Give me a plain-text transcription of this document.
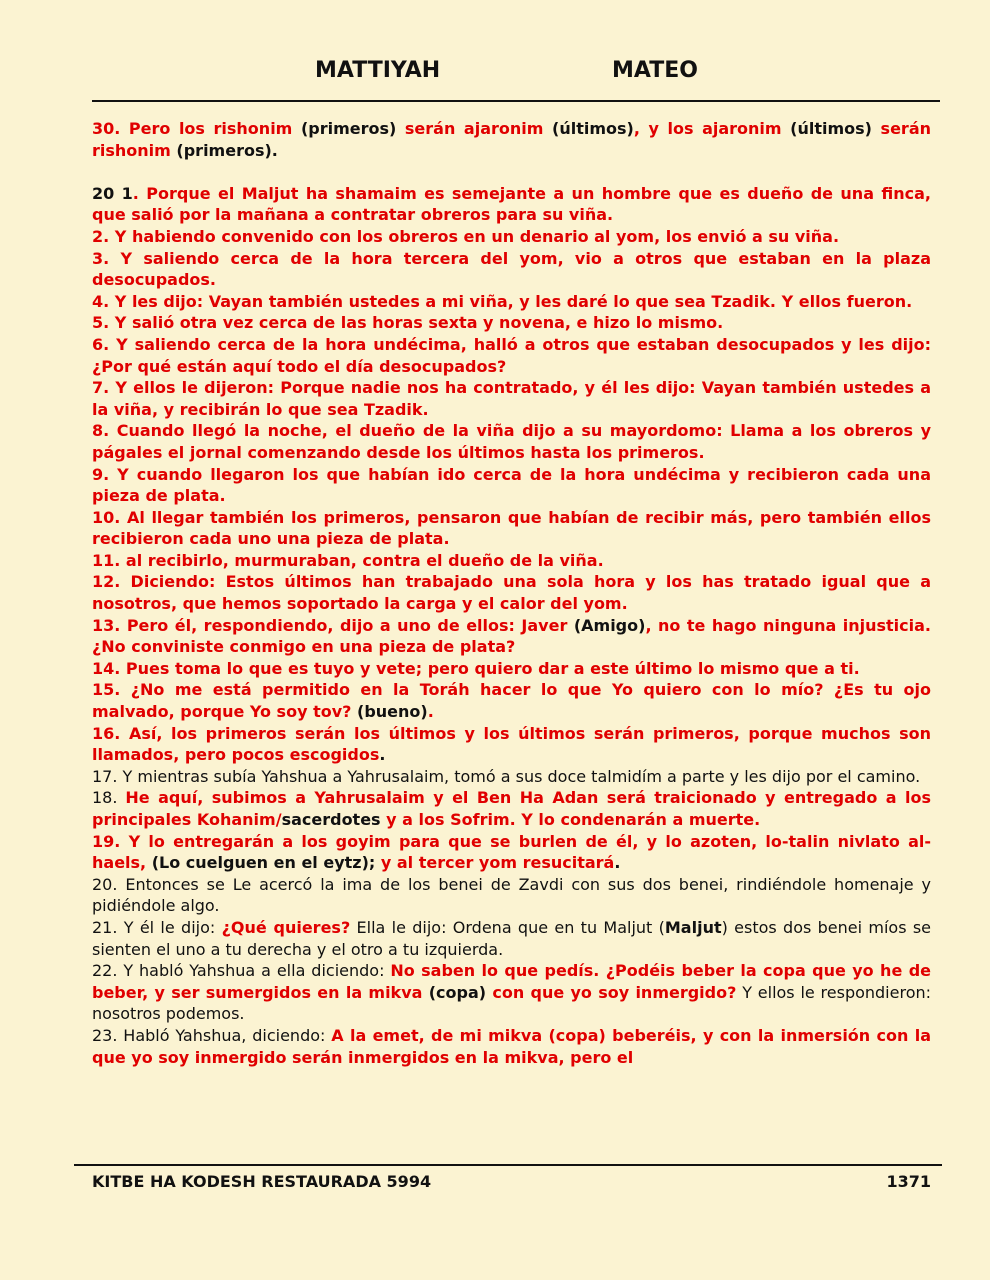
MATTIYAH	MATEO

30. Pero los rishonim (primeros) serán ajaronim (últimos), y los ajaronim (últimos) serán rishonim (primeros).

20 1. Porque el Maljut ha shamaim es semejante a un hombre que es dueño de una finca, que salió por la mañana a contratar obreros para su viña.

2. Y habiendo convenido con los obreros en un denario al yom, los envió a su viña.

3. Y saliendo cerca de la hora tercera del yom, vio a otros que estaban en la plaza desocupados.

4. Y les dijo: Vayan también ustedes a mi viña, y les daré lo que sea Tzadik. Y ellos fueron.

5. Y salió otra vez cerca de las horas sexta y novena, e hizo lo mismo.

6. Y saliendo cerca de la hora undécima, halló a otros que estaban desocupados y les dijo: ¿Por qué están aquí todo el día desocupados?

7. Y ellos le dijeron: Porque nadie nos ha contratado, y él les dijo: Vayan también ustedes a la viña, y recibirán lo que sea Tzadik.

8. Cuando llegó la noche, el dueño de la viña dijo a su mayordomo: Llama a los obreros y págales el jornal comenzando desde los últimos hasta los primeros.

9. Y cuando llegaron los que habían ido cerca de la hora undécima y recibieron cada una pieza de plata.

10. Al llegar también los primeros, pensaron que habían de recibir más, pero también ellos recibieron cada uno una pieza de plata.

11. al recibirlo, murmuraban, contra el dueño de la viña.

12. Diciendo: Estos últimos han trabajado una sola hora y los has tratado igual que a nosotros, que hemos soportado la carga y el calor del yom.

13. Pero él, respondiendo, dijo a uno de ellos: Javer (Amigo), no te hago ninguna injusticia. ¿No conviniste conmigo en una pieza de plata?

14. Pues toma lo que es tuyo y vete; pero quiero dar a este último lo mismo que a ti.

15. ¿No me está permitido en la Toráh hacer lo que Yo quiero con lo mío? ¿Es tu ojo malvado, porque Yo soy tov? (bueno).

16. Así, los primeros serán los últimos y los últimos serán primeros, porque muchos son llamados, pero pocos escogidos.

17. Y mientras subía Yahshua a Yahrusalaim, tomó a sus doce talmidím a parte y les dijo por el camino.

18. He aquí, subimos a Yahrusalaim y el Ben Ha Adan será traicionado y entregado a los principales Kohanim/sacerdotes y a los Sofrim. Y lo condenarán a muerte.

19. Y lo entregarán a los goyim para que se burlen de él, y lo azoten, lo-talin nivlato al-haels, (Lo cuelguen en el eytz); y al tercer yom resucitará.

20. Entonces se Le acercó la ima de los benei de Zavdi con sus dos benei, rindiéndole homenaje y pidiéndole algo.

21. Y él le dijo: ¿Qué quieres? Ella le dijo: Ordena que en tu Maljut (Maljut) estos dos benei míos se sienten el uno a tu derecha y el otro a tu izquierda.

22. Y habló Yahshua a ella diciendo: No saben lo que pedís. ¿Podéis beber la copa que yo he de beber, y ser sumergidos en la mikva (copa) con que yo soy inmergido? Y ellos le respondieron: nosotros podemos.

23. Habló Yahshua, diciendo: A la emet, de mi mikva (copa) beberéis, y con la inmersión con la que yo soy inmergido serán inmergidos en la mikva, pero el

KITBE HA KODESH RESTAURADA 5994	1371
